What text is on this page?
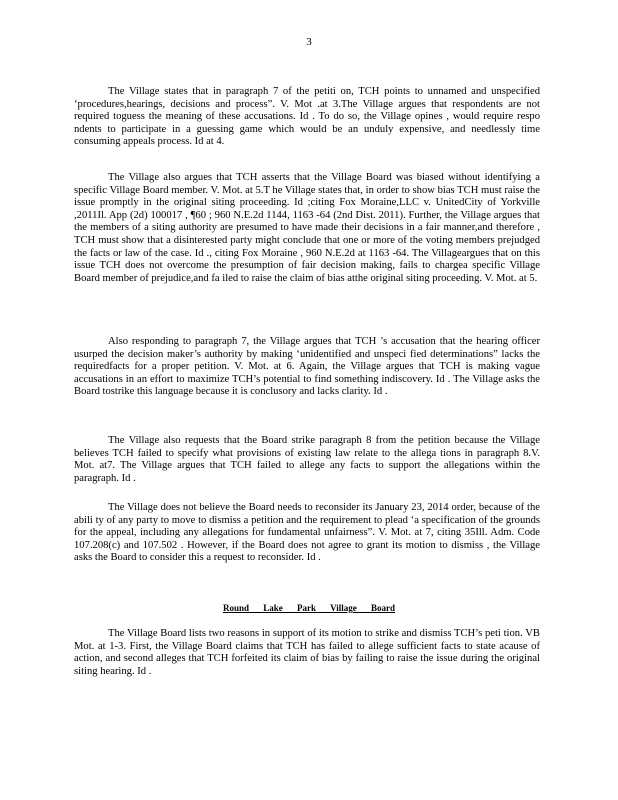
3

The Village states that in paragraph 7 of the petiti on, TCH points to unnamed and unspecified ‘procedures,hearings, decisions and process”. V. Mot .at 3.The Village argues that respondents are not required toguess the meaning of these accusations. Id . To do so, the Village opines , would require respo ndents to participate in a guessing game which would be an unduly expensive, and needlessly time consuming appeals process. Id at 4.

The Village also argues that TCH asserts that the Village Board was biased without identifying a specific Village Board member. V. Mot. at 5.T he Village states that, in order to show bias TCH must raise the issue promptly in the original siting proceeding. Id ;citing Fox Moraine,LLC v. UnitedCity of Yorkville ,2011Il. App (2d) 100017 , ¶60 ; 960 N.E.2d 1144, 1163 -64 (2nd Dist. 2011). Further, the Village argues that the members of a siting authority are presumed to have made their decisions in a fair manner,and therefore , TCH must show that a disinterested party might conclude that one or more of the voting members prejudged the facts or law of the case. Id ., citing Fox Moraine , 960 N.E.2d at 1163 -64. The Villageargues that on this issue TCH does not overcome the presumption of fair decision making, fails to chargea specific Village Board member of prejudice,and fa iled to raise the claim of bias atthe original siting proceeding. V. Mot. at 5.

Also responding to paragraph 7, the Village argues that TCH ’s accusation that the hearing officer usurped the decision maker’s authority by making ‘unidentified and unspeci fied determinations” lacks the requiredfacts for a proper petition. V. Mot. at 6. Again, the Village argues that TCH is making vague accusations in an effort to maximize TCH’s potential to find something indiscovery. Id . The Village asks the Board tostrike this language because it is conclusory and lacks clarity. Id .

The Village also requests that the Board strike paragraph 8 from the petition because the Village believes TCH failed to specify what provisions of existing law relate to the allega tions in paragraph 8.V. Mot. at7. The Village argues that TCH failed to allege any facts to support the allegations within the paragraph. Id .

The Village does not believe the Board needs to reconsider its January 23, 2014 order, because of the abili ty of any party to move to dismiss a petition and the requirement to plead ‘a specification of the grounds for the appeal, including any allegations for fundamental unfairness”. V. Mot. at 7, citing 35Ill. Adm. Code 107.208(c) and 107.502 . However, if the Board does not agree to grant its motion to dismiss , the Village asks the Board to consider this a request to reconsider. Id .

Round Lake Park Village Board

The Village Board lists two reasons in support of its motion to strike and dismiss TCH’s peti tion. VB Mot. at 1-3. First, the Village Board claims that TCH has failed to allege sufficient facts to state acause of action, and second alleges that TCH forfeited its claim of bias by failing to raise the issue during the original siting hearing. Id .
